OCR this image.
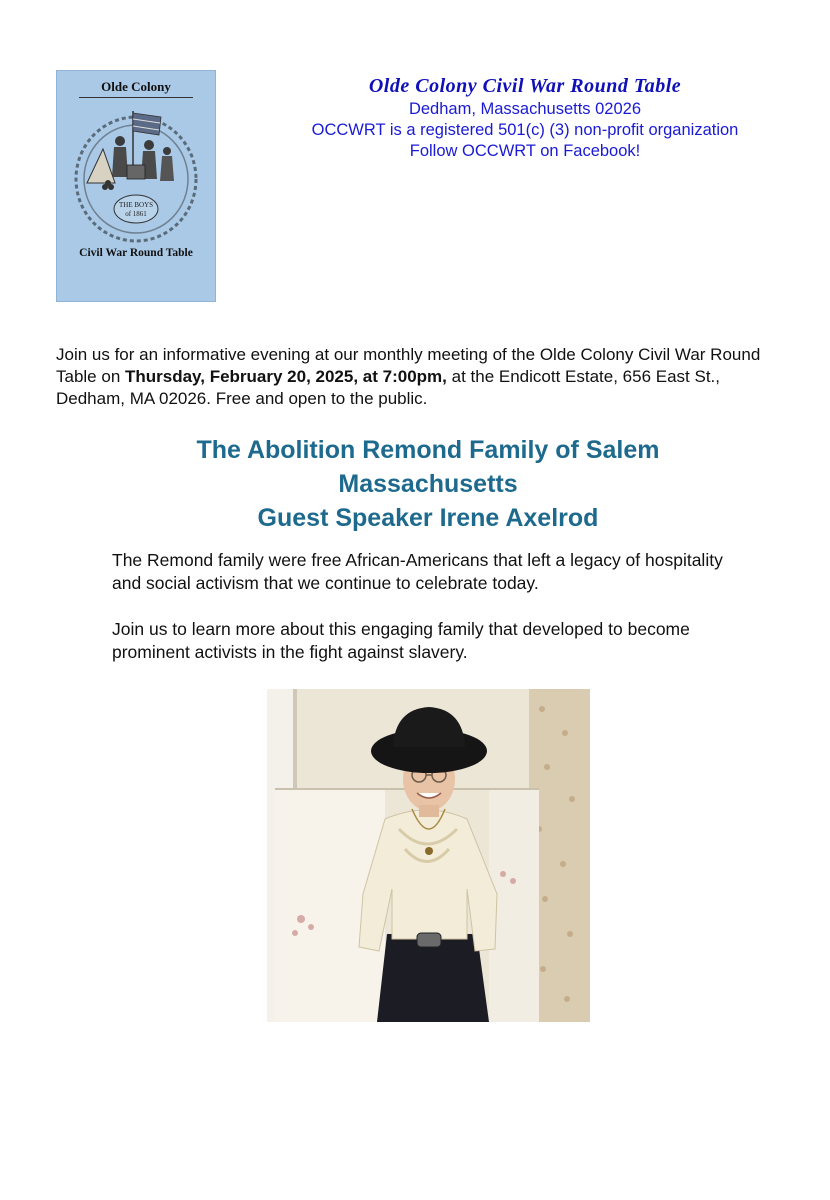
Olde Colony
THE BOYS
of 1861
Civil War Round Table
Olde Colony Civil War Round Table
Dedham, Massachusetts 02026
OCCWRT is a registered 501(c) (3) non-profit organization
Follow OCCWRT on Facebook!
Join us for an informative evening at our monthly meeting of the Olde Colony Civil War Round Table on Thursday, February 20, 2025, at 7:00pm, at the Endicott Estate, 656 East St., Dedham, MA 02026. Free and open to the public.
The Abolition Remond Family of Salem
Massachusetts
Guest Speaker Irene Axelrod

The Remond family were free African-Americans that left a legacy of hospitality and social activism that we continue to celebrate today.

Join us to learn more about this engaging family that developed to become prominent activists in the fight against slavery.
